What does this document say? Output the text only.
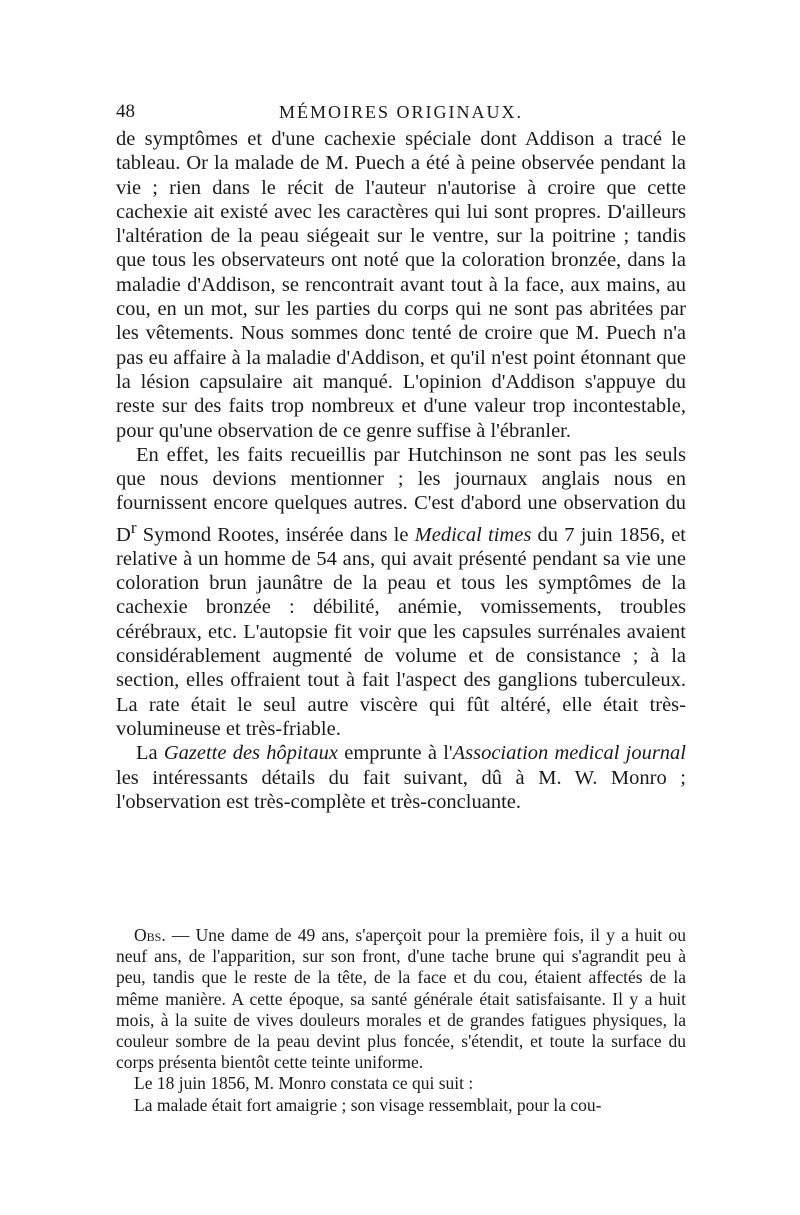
48	MÉMOIRES ORIGINAUX.

de symptômes et d'une cachexie spéciale dont Addison a tracé le tableau. Or la malade de M. Puech a été à peine observée pendant la vie ; rien dans le récit de l'auteur n'autorise à croire que cette cachexie ait existé avec les caractères qui lui sont propres. D'ailleurs l'altération de la peau siégeait sur le ventre, sur la poitrine ; tandis que tous les observateurs ont noté que la coloration bronzée, dans la maladie d'Addison, se rencontrait avant tout à la face, aux mains, au cou, en un mot, sur les parties du corps qui ne sont pas abritées par les vêtements. Nous sommes donc tenté de croire que M. Puech n'a pas eu affaire à la maladie d'Addison, et qu'il n'est point étonnant que la lésion capsulaire ait manqué. L'opinion d'Addison s'appuye du reste sur des faits trop nombreux et d'une valeur trop incontestable, pour qu'une observation de ce genre suffise à l'ébranler.

En effet, les faits recueillis par Hutchinson ne sont pas les seuls que nous devions mentionner ; les journaux anglais nous en fournissent encore quelques autres. C'est d'abord une observation du $D^r$ Symond Rootes, insérée dans le Medical times du 7 juin 1856, et relative à un homme de 54 ans, qui avait présenté pendant sa vie une coloration brun jaunâtre de la peau et tous les symptômes de la cachexie bronzée : débilité, anémie, vomissements, troubles cérébraux, etc. L'autopsie fit voir que les capsules surrénales avaient considérablement augmenté de volume et de consistance ; à la section, elles offraient tout à fait l'aspect des ganglions tuberculeux. La rate était le seul autre viscère qui fût altéré, elle était très-volumineuse et très-friable.

La Gazette des hôpitaux emprunte à l'Association medical journal les intéressants détails du fait suivant, dû à M. W. Monro ; l'observation est très-complète et très-concluante.

Obs. — Une dame de 49 ans, s'aperçoit pour la première fois, il y a huit ou neuf ans, de l'apparition, sur son front, d'une tache brune qui s'agrandit peu à peu, tandis que le reste de la tête, de la face et du cou, étaient affectés de la même manière. A cette époque, sa santé générale était satisfaisante. Il y a huit mois, à la suite de vives douleurs morales et de grandes fatigues physiques, la couleur sombre de la peau devint plus foncée, s'étendit, et toute la surface du corps présenta bientôt cette teinte uniforme.

Le 18 juin 1856, M. Monro constata ce qui suit :

La malade était fort amaigrie ; son visage ressemblait, pour la cou-
